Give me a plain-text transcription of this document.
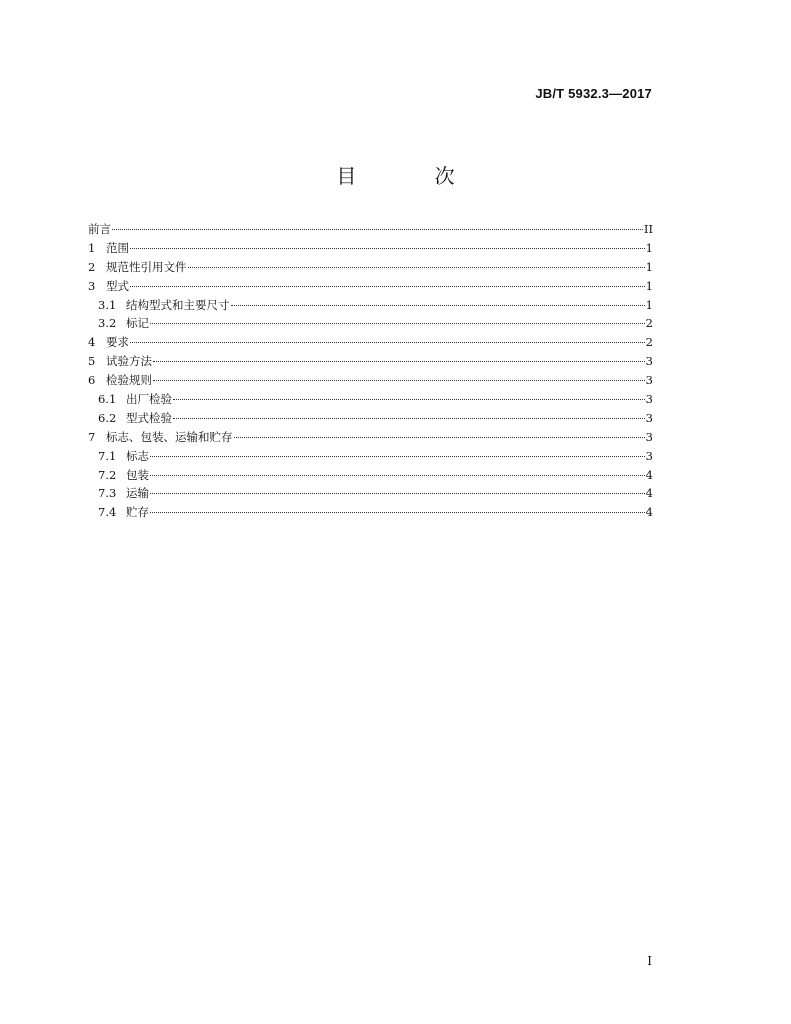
JB/T 5932.3—2017
目 次
前言	II
1 范围	1
2 规范性引用文件	1
3 型式	1
3.1 结构型式和主要尺寸	1
3.2 标记	2
4 要求	2
5 试验方法	3
6 检验规则	3
6.1 出厂检验	3
6.2 型式检验	3
7 标志、包装、运输和贮存	3
7.1 标志	3
7.2 包装	4
7.3 运输	4
7.4 贮存	4
I
